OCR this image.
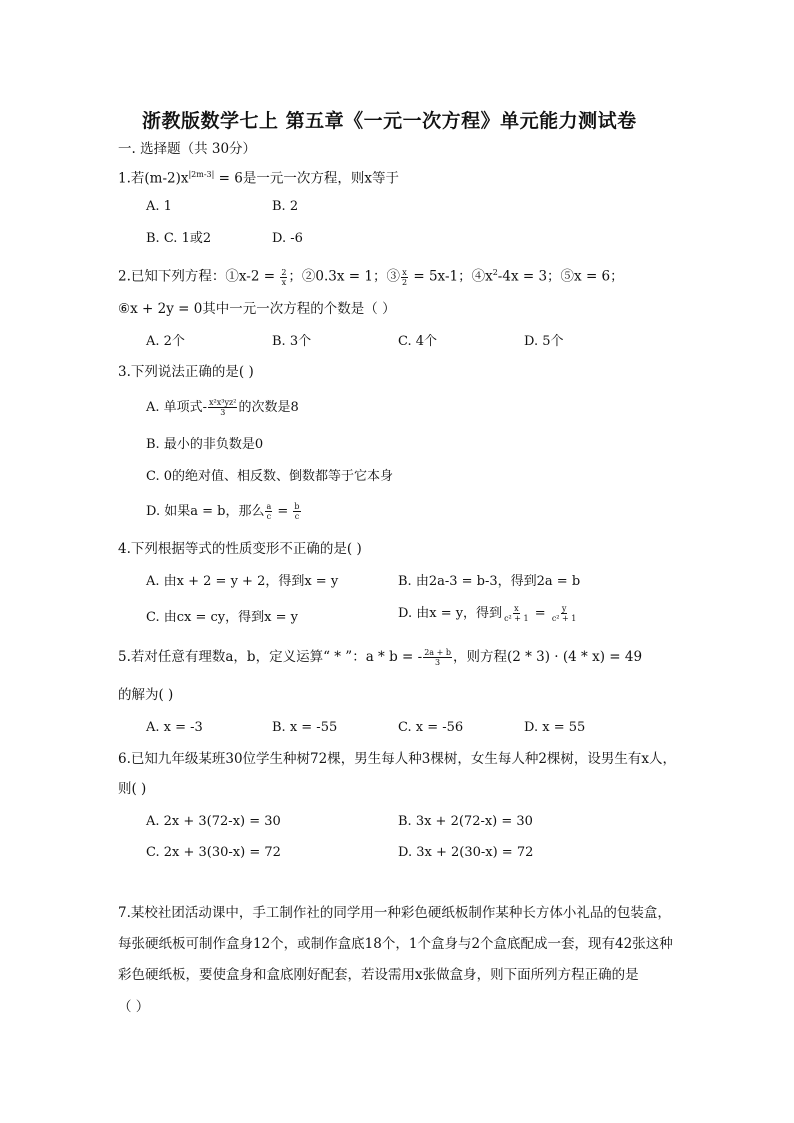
浙教版数学七上 第五章《一元一次方程》单元能力测试卷
一. 选择题（共 30分）
1.若$(m-2)x^{|2m-3|} = 6$是一元一次方程，则x等于
A. 1	B. 2
B. C. 1或2	D. -6
2.已知下列方程：①x-2 = $\frac{2}{x}$ ；②0.3x = 1；③ $\frac{x}{2} = 5x-1$；$④x^2-4x = 3$；⑤x = 6；
⑥x + 2y = 0其中一元一次方程的个数是（ ）
A. 2个	B. 3个	C. 4个	D. 5个
3.下列说法正确的是( )
A. 单项式- $\frac{\text{x²x³yz²}}{3}$ 的次数是8
B. 最小的非负数是0
C. 0的绝对值、相反数、倒数都等于它本身
D. 如果a = b，那么 $\frac{a}{c} = \frac{b}{c}$
4.下列根据等式的性质变形不正确的是( )
A. 由x + 2 = y + 2，得到x = y	B. 由2a-3 = b-3，得到2a = b
C. 由cx = cy，得到x = y	D. 由x = y，得到 $\frac{x}{\text{c² + 1}} = \frac{y}{\text{c² + 1}}$
5.若对任意有理数a，b，定义运算“ * ”：a * b = - $\frac{2a + b}{3}$ ，则方程(2 * 3) · (4 * x) = 49
的解为( )
A. x = -3	B. x = -55	C. x = -56	D. x = 55
6.已知九年级某班30位学生种树72棵，男生每人种3棵树，女生每人种2棵树，设男生有x人，
则( )
A. 2x + 3(72-x) = 30	B. 3x + 2(72-x) = 30
C. 2x + 3(30-x) = 72	D. 3x + 2(30-x) = 72
7.某校社团活动课中，手工制作社的同学用一种彩色硬纸板制作某种长方体小礼品的包装盒，
每张硬纸板可制作盒身12个，或制作盒底18个，1个盒身与2个盒底配成一套，现有42张这种
彩色硬纸板，要使盒身和盒底刚好配套，若设需用x张做盒身，则下面所列方程正确的是
（ ）
